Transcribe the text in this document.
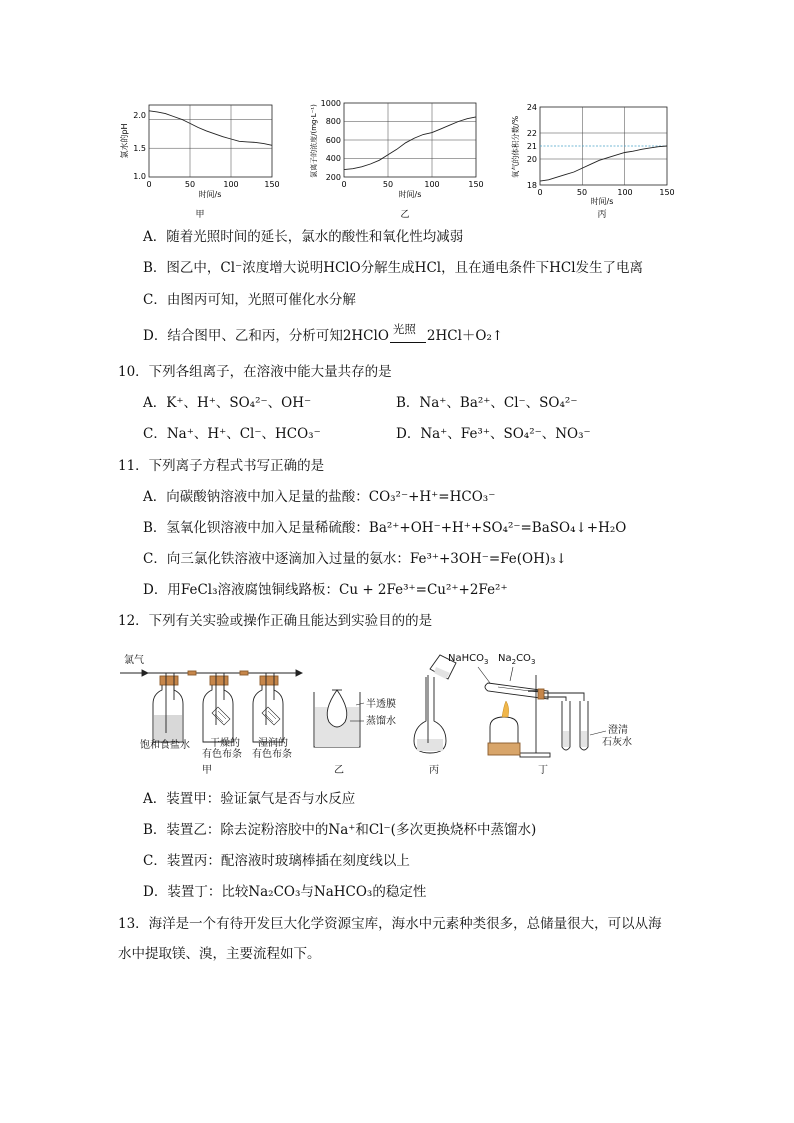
2.0
1.5
1.0
0	50	100	150
时间/s
甲
氯水的pH
1000
800
600
400
200
0	50	100	150
时间/s
乙
氯离子的浓度/(mg·L⁻¹)	24
22
21
20
18
0	50	100	150
时间/s
丙
氧气的体积分数/%
A．随着光照时间的延长，氯水的酸性和氧化性均减弱
B．图乙中，Cl⁻浓度增大说明HClO分解生成HCl，且在通电条件下HCl发生了电离
C．由图丙可知，光照可催化水分解
D．结合图甲、乙和丙，分析可知2HClO 光照 2HCl＋O₂↑
10．下列各组离子，在溶液中能大量共存的是
A．K⁺、H⁺、SO₄²⁻、OH⁻	B．Na⁺、Ba²⁺、Cl⁻、SO₄²⁻
C．Na⁺、H⁺、Cl⁻、HCO₃⁻	D．Na⁺、Fe³⁺、SO₄²⁻、NO₃⁻
11．下列离子方程式书写正确的是
A．向碳酸钠溶液中加入足量的盐酸：CO₃²⁻+H⁺=HCO₃⁻
B．氢氧化钡溶液中加入足量稀硫酸：Ba²⁺+OH⁻+H⁺+SO₄²⁻=BaSO₄↓+H₂O
C．向三氯化铁溶液中逐滴加入过量的氨水：Fe³⁺+3OH⁻=Fe(OH)₃↓
D．用FeCl₃溶液腐蚀铜线路板：Cu + 2Fe³⁺=Cu²⁺+2Fe²⁺
12．下列有关实验或操作正确且能达到实验目的的是
氯气
饱和食盐水 干燥的
有色布条
湿润的
有色布条
甲
半透膜
蒸馏水
乙	丙
NaHCO$_3$ $Na_2CO_3$
澄清
石灰水
丁
A．装置甲：验证氯气是否与水反应
B．装置乙：除去淀粉溶胶中的Na⁺和Cl⁻(多次更换烧杯中蒸馏水)
C．装置丙：配溶液时玻璃棒插在刻度线以上
D．装置丁：比较Na₂CO₃与NaHCO₃的稳定性
13．海洋是一个有待开发巨大化学资源宝库，海水中元素种类很多，总储量很大，可以从海
水中提取镁、溴，主要流程如下。
